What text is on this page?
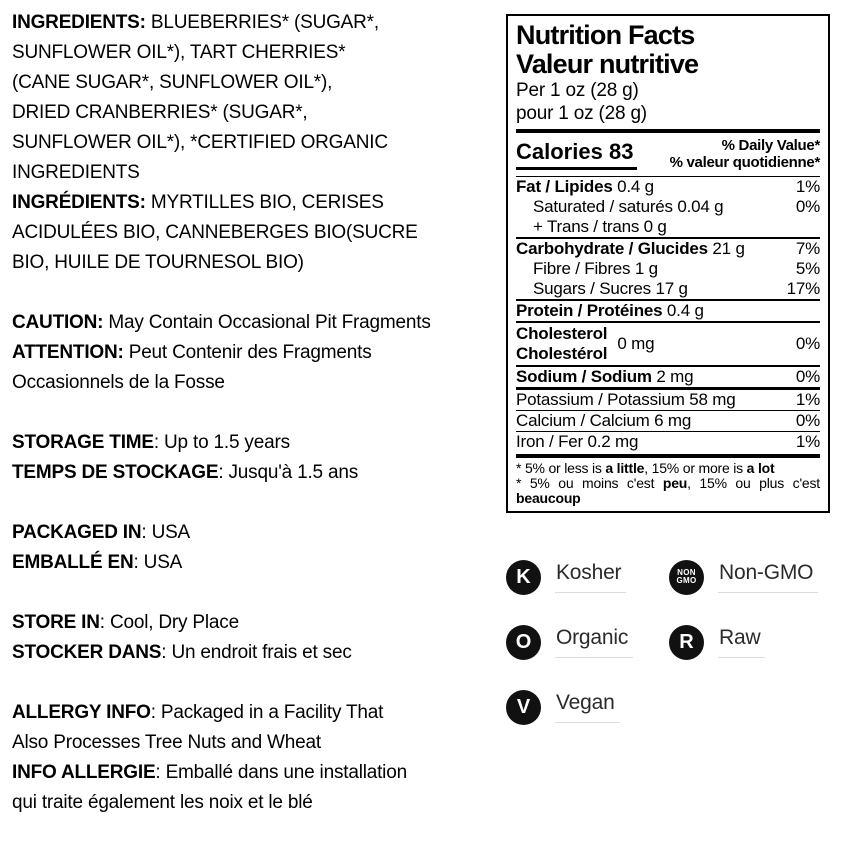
INGREDIENTS: BLUEBERRIES* (SUGAR*,
SUNFLOWER OIL*), TART CHERRIES*
(CANE SUGAR*, SUNFLOWER OIL*),
DRIED CRANBERRIES* (SUGAR*,
SUNFLOWER OIL*), *CERTIFIED ORGANIC
INGREDIENTS
INGRÉDIENTS: MYRTILLES BIO, CERISES
ACIDULÉES BIO, CANNEBERGES BIO(SUCRE
BIO, HUILE DE TOURNESOL BIO)
CAUTION: May Contain Occasional Pit Fragments
ATTENTION: Peut Contenir des Fragments
Occasionnels de la Fosse
STORAGE TIME: Up to 1.5 years
TEMPS DE STOCKAGE: Jusqu'à 1.5 ans
PACKAGED IN: USA
EMBALLÉ EN: USA
STORE IN: Cool, Dry Place
STOCKER DANS: Un endroit frais et sec
ALLERGY INFO: Packaged in a Facility That
Also Processes Tree Nuts and Wheat
INFO ALLERGIE: Emballé dans une installation
qui traite également les noix et le blé
Nutrition Facts
Valeur nutritive
Per 1 oz (28 g)
pour 1 oz (28 g)
Calories 83	% Daily Value*
% valeur quotidienne*
Fat / Lipides 0.4 g	1%
Saturated / saturés 0.04 g	0%
+ Trans / trans 0 g
Carbohydrate / Glucides 21 g	7%
Fibre / Fibres 1 g	5%
Sugars / Sucres 17 g	17%
Protein / Protéines 0.4 g
Cholesterol
Cholestérol
0 mg	0%
Sodium / Sodium 2 mg	0%
Potassium / Potassium 58 mg	1%
Calcium / Calcium 6 mg	0%
Iron / Fer 0.2 mg	1%
* 5% or less is a little, 15% or more is a lot
* 5% ou moins c'est peu, 15% ou plus c'est beaucoup
K Kosher	NON
GMO Non-GMO
O Organic	R Raw
V Vegan
